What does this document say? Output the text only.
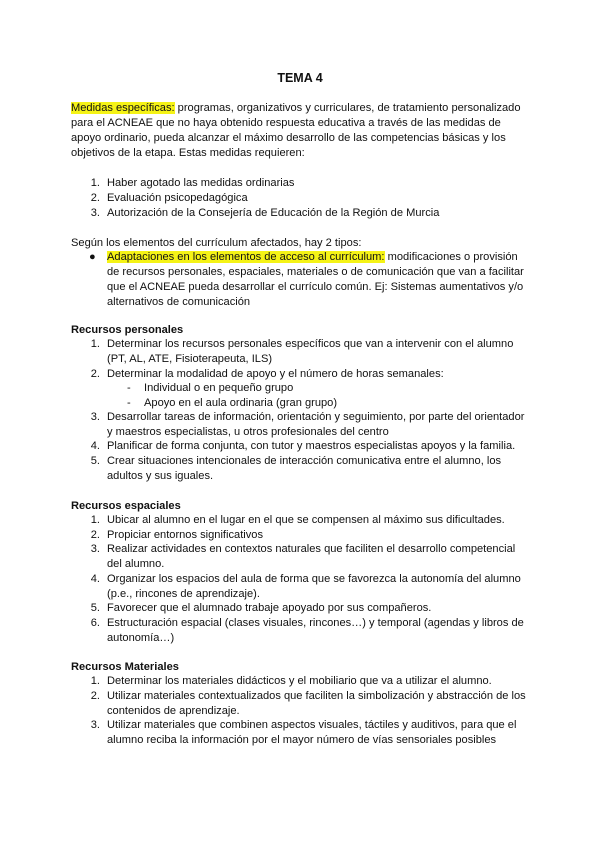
TEMA 4
Medidas específicas: programas, organizativos y curriculares, de tratamiento personalizado para el ACNEAE que no haya obtenido respuesta educativa a través de las medidas de apoyo ordinario, pueda alcanzar el máximo desarrollo de las competencias básicas y los objetivos de la etapa. Estas medidas requieren:
1. Haber agotado las medidas ordinarias
2. Evaluación psicopedagógica
3. Autorización de la Consejería de Educación de la Región de Murcia
Según los elementos del currículum afectados, hay 2 tipos:
● Adaptaciones en los elementos de acceso al currículum: modificaciones o provisión de recursos personales, espaciales, materiales o de comunicación que van a facilitar que el ACNEAE pueda desarrollar el currículo común. Ej: Sistemas aumentativos y/o alternativos de comunicación
Recursos personales
1. Determinar los recursos personales específicos que van a intervenir con el alumno (PT, AL, ATE, Fisioterapeuta, ILS)
2. Determinar la modalidad de apoyo y el número de horas semanales:
- Individual o en pequeño grupo
- Apoyo en el aula ordinaria (gran grupo)
3. Desarrollar tareas de información, orientación y seguimiento, por parte del orientador y maestros especialistas, u otros profesionales del centro
4. Planificar de forma conjunta, con tutor y maestros especialistas apoyos y la familia.
5. Crear situaciones intencionales de interacción comunicativa entre el alumno, los adultos y sus iguales.
Recursos espaciales
1. Ubicar al alumno en el lugar en el que se compensen al máximo sus dificultades.
2. Propiciar entornos significativos
3. Realizar actividades en contextos naturales que faciliten el desarrollo competencial del alumno.
4. Organizar los espacios del aula de forma que se favorezca la autonomía del alumno (p.e., rincones de aprendizaje).
5. Favorecer que el alumnado trabaje apoyado por sus compañeros.
6. Estructuración espacial (clases visuales, rincones…) y temporal (agendas y libros de autonomía…)
Recursos Materiales
1. Determinar los materiales didácticos y el mobiliario que va a utilizar el alumno.
2. Utilizar materiales contextualizados que faciliten la simbolización y abstracción de los contenidos de aprendizaje.
3. Utilizar materiales que combinen aspectos visuales, táctiles y auditivos, para que el alumno reciba la información por el mayor número de vías sensoriales posibles
